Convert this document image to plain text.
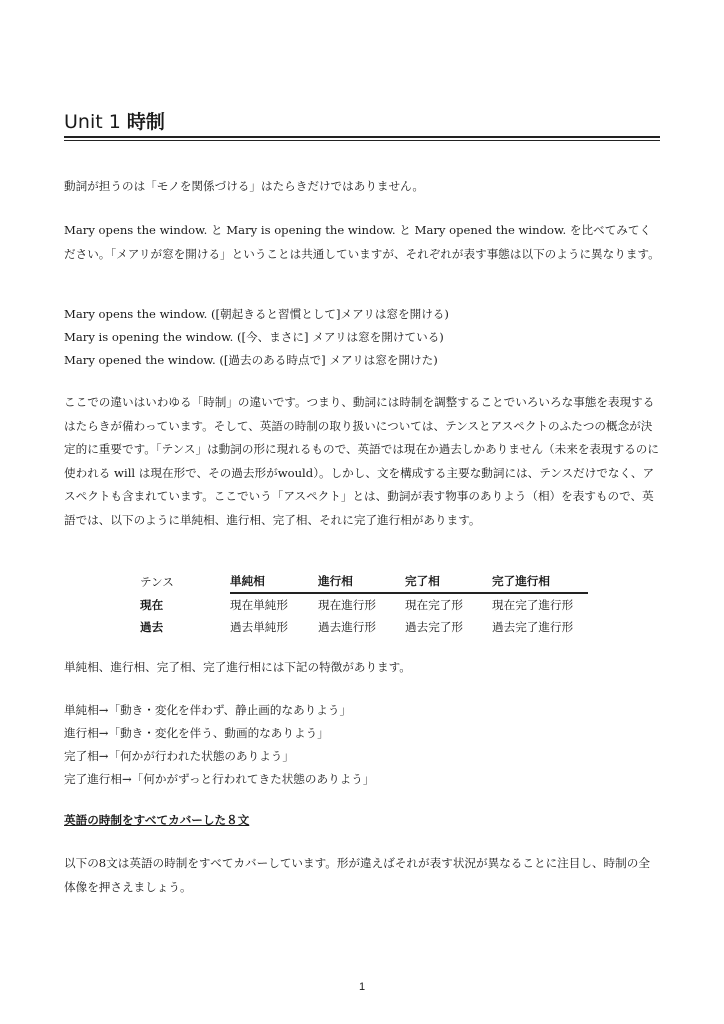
Unit 1 時制

動詞が担うのは「モノを関係づける」はたらきだけではありません。

Mary opens the window. と Mary is opening the window. と Mary opened the window. を比べてみてください。「メアリが窓を開ける」ということは共通していますが、それぞれが表す事態は以下のように異なります。

Mary opens the window. ([朝起きると習慣として]メアリは窓を開ける)

Mary is opening the window. ([今、まさに] メアリは窓を開けている)

Mary opened the window. ([過去のある時点で] メアリは窓を開けた)

ここでの違いはいわゆる「時制」の違いです。つまり、動詞には時制を調整することでいろいろな事態を表現するはたらきが備わっています。そして、英語の時制の取り扱いについては、テンスとアスペクトのふたつの概念が決定的に重要です。「テンス」は動詞の形に現れるもので、英語では現在か過去しかありません（未来を表現するのに使われる will は現在形で、その過去形がwould）。しかし、文を構成する主要な動詞には、テンスだけでなく、アスペクトも含まれています。ここでいう「アスペクト」とは、動詞が表す物事のありよう（相）を表すもので、英語では、以下のように単純相、進行相、完了相、それに完了進行相があります。

テンス	単純相	進行相	完了相	完了進行相
現在	現在単純形	現在進行形	現在完了形	現在完了進行形
過去	過去単純形	過去進行形	過去完了形	過去完了進行形

単純相、進行相、完了相、完了進行相には下記の特徴があります。

単純相→「動き・変化を伴わず、静止画的なありよう」

進行相→「動き・変化を伴う、動画的なありよう」

完了相→「何かが行われた状態のありよう」

完了進行相→「何かがずっと行われてきた状態のありよう」

英語の時制をすべてカバーした８文

以下の8文は英語の時制をすべてカバーしています。形が違えばそれが表す状況が異なることに注目し、時制の全体像を押さえましょう。

1
